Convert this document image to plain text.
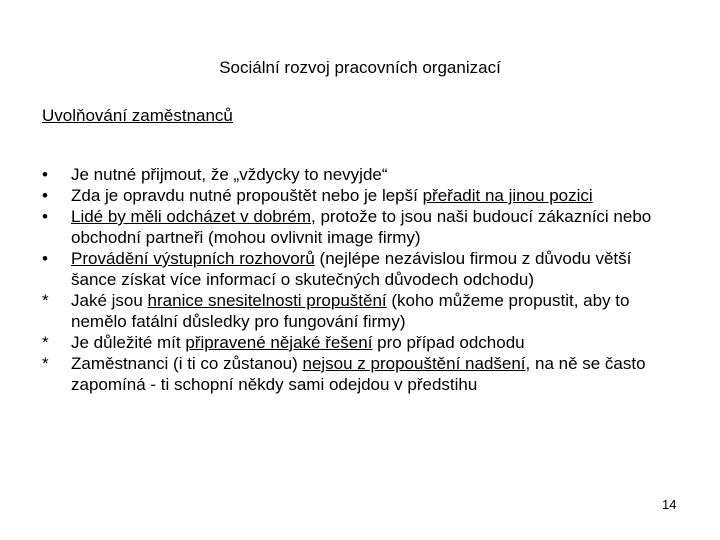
Sociální rozvoj pracovních organizací
Uvolňování zaměstnanců
•	Je nutné přijmout, že „vždycky to nevyjde“
•	Zda je opravdu nutné propouštět nebo je lepší přeřadit na jinou pozici
•	Lidé by měli odcházet v dobrém, protože to jsou naši budoucí zákazníci nebo obchodní partneři (mohou ovlivnit image firmy)
•	Provádění výstupních rozhovorů (nejlépe nezávislou firmou z důvodu větší šance získat více informací o skutečných důvodech odchodu)
*	Jaké jsou hranice snesitelnosti propuštění (koho můžeme propustit, aby to nemělo fatální důsledky pro fungování firmy)
*	Je důležité mít připravené nějaké řešení pro případ odchodu
*	Zaměstnanci (i ti co zůstanou) nejsou z propouštění nadšení, na ně se často zapomíná - ti schopní někdy sami odejdou v předstihu
14
